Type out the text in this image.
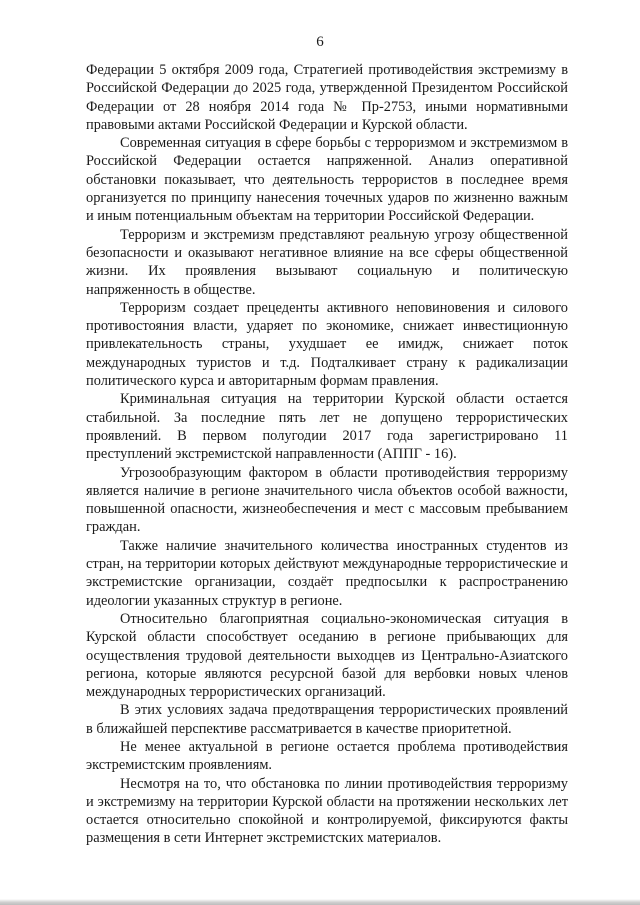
6

Федерации 5 октября 2009 года, Стратегией противодействия экстремизму в Российской Федерации до 2025 года, утвержденной Президентом Российской Федерации от 28 ноября 2014 года № Пр-2753, иными нормативными правовыми актами Российской Федерации и Курской области.

Современная ситуация в сфере борьбы с терроризмом и экстремизмом в Российской Федерации остается напряженной. Анализ оперативной обстановки показывает, что деятельность террористов в последнее время организуется по принципу нанесения точечных ударов по жизненно важным и иным потенциальным объектам на территории Российской Федерации.

Терроризм и экстремизм представляют реальную угрозу общественной безопасности и оказывают негативное влияние на все сферы общественной жизни. Их проявления вызывают социальную и политическую напряженность в обществе.

Терроризм создает прецеденты активного неповиновения и силового противостояния власти, ударяет по экономике, снижает инвестиционную привлекательность страны, ухудшает ее имидж, снижает поток международных туристов и т.д. Подталкивает страну к радикализации политического курса и авторитарным формам правления.

Криминальная ситуация на территории Курской области остается стабильной. За последние пять лет не допущено террористических проявлений. В первом полугодии 2017 года зарегистрировано 11 преступлений экстремистской направленности (АППГ - 16).

Угрозообразующим фактором в области противодействия терроризму является наличие в регионе значительного числа объектов особой важности, повышенной опасности, жизнеобеспечения и мест с массовым пребыванием граждан.

Также наличие значительного количества иностранных студентов из стран, на территории которых действуют международные террористические и экстремистские организации, создаёт предпосылки к распространению идеологии указанных структур в регионе.

Относительно благоприятная социально-экономическая ситуация в Курской области способствует оседанию в регионе прибывающих для осуществления трудовой деятельности выходцев из Центрально-Азиатского региона, которые являются ресурсной базой для вербовки новых членов международных террористических организаций.

В этих условиях задача предотвращения террористических проявлений в ближайшей перспективе рассматривается в качестве приоритетной.

Не менее актуальной в регионе остается проблема противодействия экстремистским проявлениям.

Несмотря на то, что обстановка по линии противодействия терроризму и экстремизму на территории Курской области на протяжении нескольких лет остается относительно спокойной и контролируемой, фиксируются факты размещения в сети Интернет экстремистских материалов.
